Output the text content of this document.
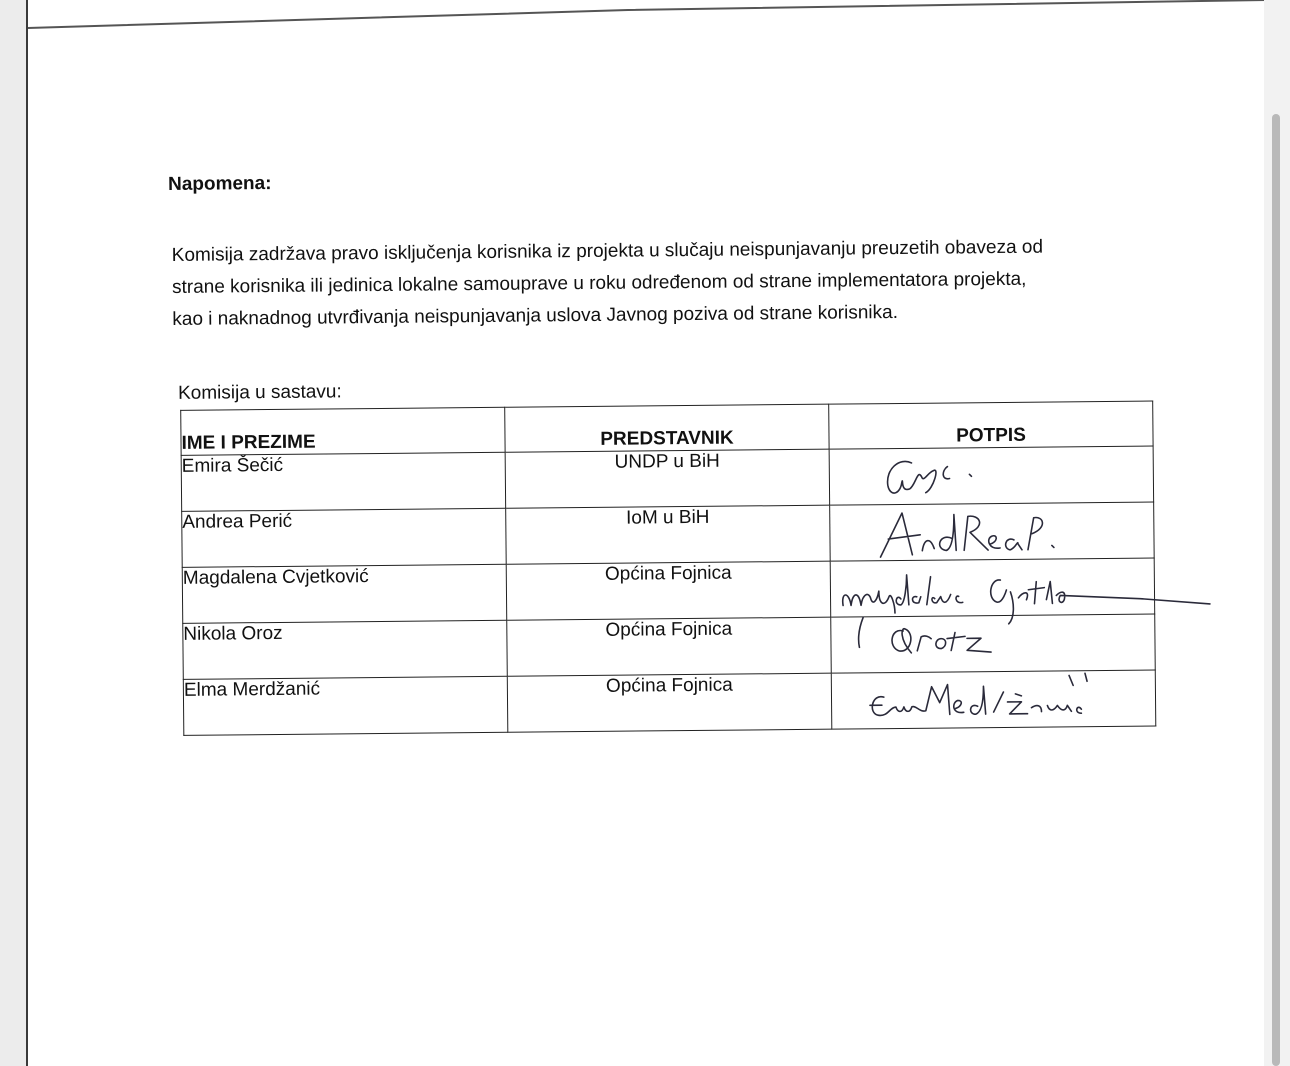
Napomena:
Komisija zadržava pravo isključenja korisnika iz projekta u slučaju neispunjavanju preuzetih obaveza od
strane korisnika ili jedinica lokalne samouprave u roku određenom od strane implementatora projekta,
kao i naknadnog utvrđivanja neispunjavanja uslova Javnog poziva od strane korisnika.
Komisija u sastavu:
IME I PREZIME	PREDSTAVNIK	POTPIS
Emira Šečić	UNDP u BiH	

Andrea Perić	IoM u BiH	

Magdalena Cvjetković	Općina Fojnica	

Nikola Oroz	Općina Fojnica	

Elma Merdžanić	Općina Fojnica	
